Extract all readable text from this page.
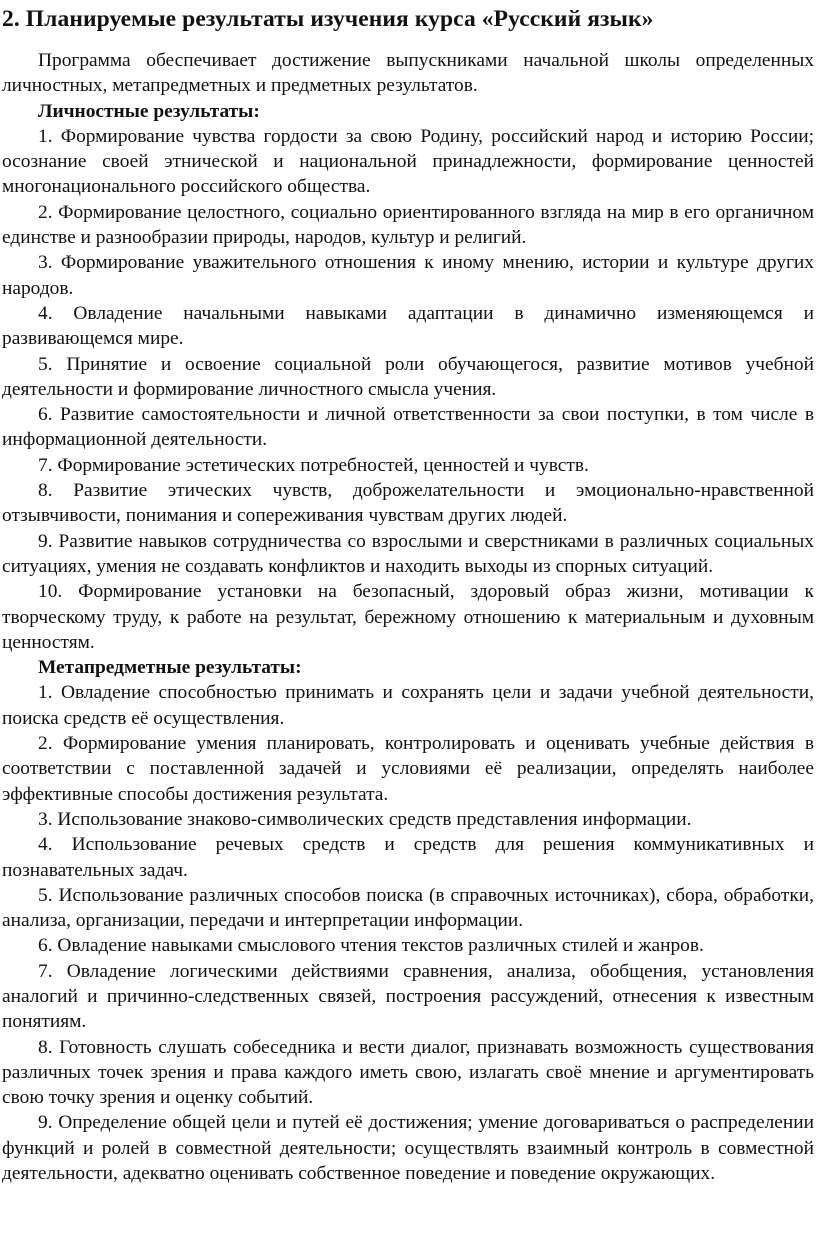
2. Планируемые результаты изучения курса «Русский язык»

Программа обеспечивает достижение выпускниками начальной школы определенных личностных, метапредметных и предметных результатов.

Личностные результаты:

1. Формирование чувства гордости за свою Родину, российский народ и историю России; осознание своей этнической и национальной принадлежности, формирование ценностей многонационального российского общества.

2. Формирование целостного, социально ориентированного взгляда на мир в его органичном единстве и разнообразии природы, народов, культур и религий.

3. Формирование уважительного отношения к иному мнению, истории и культуре других народов.

4. Овладение начальными навыками адаптации в динамично изменяющемся и развивающемся мире.

5. Принятие и освоение социальной роли обучающегося, развитие мотивов учебной деятельности и формирование личностного смысла учения.

6. Развитие самостоятельности и личной ответственности за свои поступки, в том числе в информационной деятельности.

7. Формирование эстетических потребностей, ценностей и чувств.

8. Развитие этических чувств, доброжелательности и эмоционально-нравственной отзывчивости, понимания и сопереживания чувствам других людей.

9. Развитие навыков сотрудничества со взрослыми и сверстниками в различных социальных ситуациях, умения не создавать конфликтов и находить выходы из спорных ситуаций.

10. Формирование установки на безопасный, здоровый образ жизни, мотивации к творческому труду, к работе на результат, бережному отношению к материальным и духовным ценностям.

Метапредметные результаты:

1. Овладение способностью принимать и сохранять цели и задачи учебной деятельности, поиска средств её осуществления.

2. Формирование умения планировать, контролировать и оценивать учебные действия в соответствии с поставленной задачей и условиями её реализации, определять наиболее эффективные способы достижения результата.

3. Использование знаково-символических средств представления информации.

4. Использование речевых средств и средств для решения коммуникативных и познавательных задач.

5. Использование различных способов поиска (в справочных источниках), сбора, обработки, анализа, организации, передачи и интерпретации информации.

6. Овладение навыками смыслового чтения текстов различных стилей и жанров.

7. Овладение логическими действиями сравнения, анализа, обобщения, установления аналогий и причинно-следственных связей, построения рассуждений, отнесения к известным понятиям.

8. Готовность слушать собеседника и вести диалог, признавать возможность существования различных точек зрения и права каждого иметь свою, излагать своё мнение и аргументировать свою точку зрения и оценку событий.

9. Определение общей цели и путей её достижения; умение договариваться о распределении функций и ролей в совместной деятельности; осуществлять взаимный контроль в совместной деятельности, адекватно оценивать собственное поведение и поведение окружающих.
